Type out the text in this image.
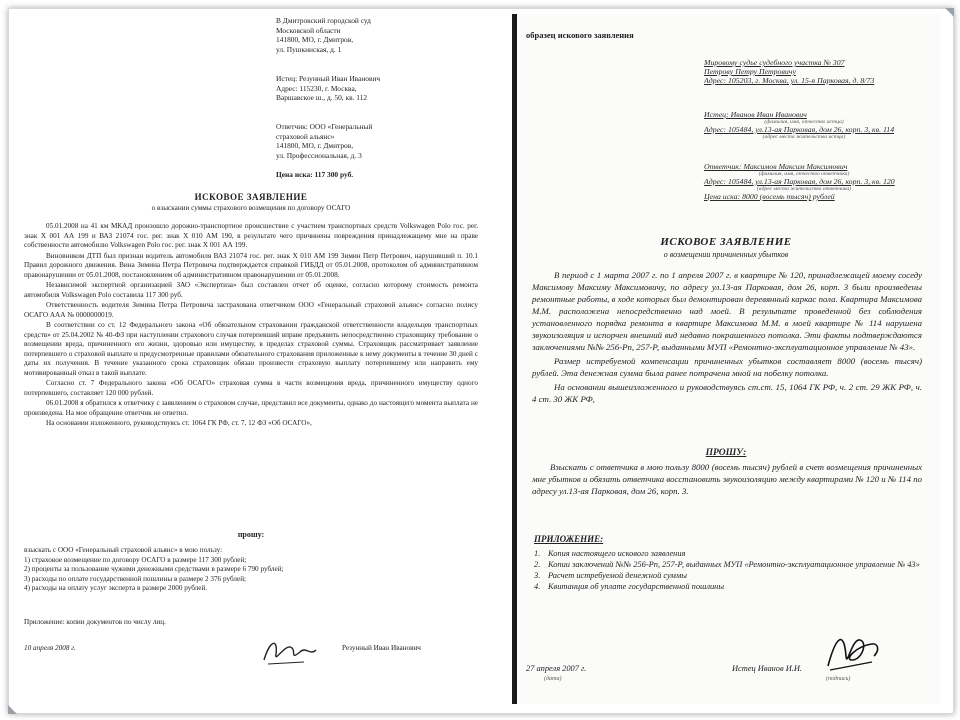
В Дмитровский городской суд
Московской области
141800, МО, г. Дмитров,
ул. Пушкинская, д. 1
Истец: Резунный Иван Иванович
Адрес: 115230, г. Москва,
Варшавское ш., д. 50, кв. 112
Ответчик: ООО «Генеральный
страховой альянс»
141800, МО, г. Дмитров,
ул. Профессиональная, д. 3
Цена иска: 117 300 руб.
ИСКОВОЕ ЗАЯВЛЕНИЕ
о взыскании суммы страхового возмещения по договору ОСАГО

05.01.2008 на 41 км МКАД произошло дорожно-транспортное происшествие с участием транспортных средств Volkswagen Polo гос. рег. знак Х 001 АА 199 и ВАЗ 21074 гос. рег. знак Х 010 АМ 190, в результате чего причинены повреждения принадлежащему мне на праве собственности автомобилю Volkswagen Polo гос. рег. знак Х 001 АА 199.

Виновником ДТП был признан водитель автомобиля ВАЗ 21074 гос. рег. знак Х 010 АМ 199 Зимин Петр Петрович, нарушивший п. 10.1 Правил дорожного движения. Вина Зимина Петра Петровича подтверждается справкой ГИБДД от 05.01.2008, протоколом об административном правонарушении от 05.01.2008, постановлением об административном правонарушении от 05.01.2008.

Независимой экспертной организацией ЗАО «Экспертиза» был составлен отчет об оценке, согласно которому стоимость ремонта автомобиля Volkswagen Polo составила 117 300 руб.

Ответственность водителя Зимина Петра Петровича застрахована ответчиком ООО «Генеральный страховой альянс» согласно полису ОСАГО ААА № 0000000019.

В соответствии со ст. 12 Федерального закона «Об обязательном страховании гражданской ответственности владельцев транспортных средств» от 25.04.2002 № 40-ФЗ при наступлении страхового случая потерпевший вправе предъявить непосредственно страховщику требование о возмещении вреда, причиненного его жизни, здоровью или имуществу, в пределах страховой суммы. Страховщик рассматривает заявление потерпевшего о страховой выплате и предусмотренные правилами обязательного страхования приложенные к нему документы в течение 30 дней с даты их получения. В течение указанного срока страховщик обязан произвести страховую выплату потерпевшему или направить ему мотивированный отказ в такой выплате.

Согласно ст. 7 Федерального закона «Об ОСАГО» страховая сумма в части возмещения вреда, причиненного имуществу одного потерпевшего, составляет 120 000 рублей.

06.01.2008 я обратился к ответчику с заявлением о страховом случае, представил все документы, однако до настоящего момента выплата не произведена. На мое обращение ответчик не ответил.

На основании изложенного, руководствуясь ст. 1064 ГК РФ, ст. 7, 12 ФЗ «Об ОСАГО»,

прошу:
взыскать с ООО «Генеральный страховой альянс» в мою пользу:
1) страховое возмещение по договору ОСАГО в размере 117 300 рублей;
2) проценты за пользование чужими денежными средствами в размере 6 790 рублей;
3) расходы по оплате государственной пошлины в размере 2 376 рублей;
4) расходы на оплату услуг эксперта в размере 2000 рублей.
Приложение: копии документов по числу лиц.
10 апреля 2008 г.	Резунный Иван Иванович
образец искового заявления
Мировому судье судебного участка № 307
Петрову Петру Петровичу
Адрес: 105203, г. Москва, ул. 15-я Парковая, д. 8/73
Истец: Иванов Иван Иванович
(фамилия, имя, отчество истца)
Адрес: 105484, ул.13-ая Парковая, дом 26, корп. 3, кв. 114
(адрес места жительства истца)
Ответчик: Максимов Максим Максимович
(фамилия, имя, отчество ответчика)
Адрес: 105484, ул.13-ая Парковая, дом 26, корп. 3, кв. 120
(адрес места жительства ответчика)
Цена иска: 8000 (восемь тысяч) рублей
ИСКОВОЕ ЗАЯВЛЕНИЕ
о возмещении причиненных убытков

В период с 1 марта 2007 г. по 1 апреля 2007 г. в квартире № 120, принадлежащей моему соседу Максимову Максиму Максимовичу, по адресу ул.13-ая Парковая, дом 26, корп. 3 были произведены ремонтные работы, в ходе которых был демонтирован деревянный каркас пола. Квартира Максимова М.М. расположена непосредственно над моей. В результате проведенной без соблюдения установленного порядка ремонта в квартире Максимова М.М. в моей квартире № 114 нарушена звукоизоляция и испорчен внешний вид недавно покрашенного потолка. Эти факты подтверждаются заключениями №№ 256-Рп, 257-Р, выданными МУП «Ремонтно-эксплуатационное управление № 43».

Размер истребуемой компенсации причиненных убытков составляет 8000 (восемь тысяч) рублей. Эта денежная сумма была ранее потрачена мной на побелку потолка.

На основании вышеизложенного и руководствуясь ст.ст. 15, 1064 ГК РФ, ч. 2 ст. 29 ЖК РФ, ч. 4 ст. 30 ЖК РФ,

ПРОШУ:
Взыскать с ответчика в мою пользу 8000 (восемь тысяч) рублей в счет возмещения причиненных мне убытков и обязать ответчика восстановить звукоизоляцию между квартирами № 120 и № 114 по адресу ул.13-ая Парковая, дом 26, корп. 3.
ПРИЛОЖЕНИЕ:
1. Копия настоящего искового заявления
2. Копии заключений №№ 256-Рп, 257-Р, выданных МУП «Ремонтно-эксплуатационное управление № 43»
3. Расчет истребуемой денежной суммы
4. Квитанция об уплате государственной пошлины
27 апреля 2007 г.
(дата)
Истец Иванов И.И.
(подпись)
